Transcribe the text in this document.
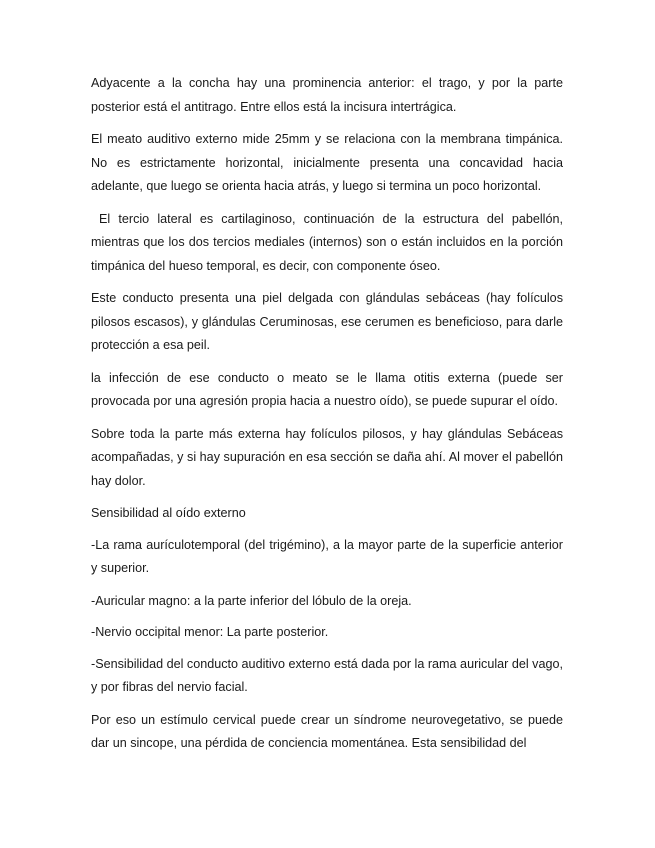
Adyacente a la concha hay una prominencia anterior: el trago, y por la parte posterior está el antitrago. Entre ellos está la incisura intertrágica.

El meato auditivo externo mide 25mm y se relaciona con la membrana timpánica. No es estrictamente horizontal, inicialmente presenta una concavidad hacia adelante, que luego se orienta hacia atrás, y luego si termina un poco horizontal.

El tercio lateral es cartilaginoso, continuación de la estructura del pabellón, mientras que los dos tercios mediales (internos) son o están incluidos en la porción timpánica del hueso temporal, es decir, con componente óseo.

Este conducto presenta una piel delgada con glándulas sebáceas (hay folículos pilosos escasos), y glándulas Ceruminosas, ese cerumen es beneficioso, para darle protección a esa peil.

la infección de ese conducto o meato se le llama otitis externa (puede ser provocada por una agresión propia hacia a nuestro oído), se puede supurar el oído.

Sobre toda la parte más externa hay folículos pilosos, y hay glándulas Sebáceas acompañadas, y si hay supuración en esa sección se daña ahí. Al mover el pabellón hay dolor.

Sensibilidad al oído externo

-La rama aurículotemporal (del trigémino), a la mayor parte de la superficie anterior y superior.

-Auricular magno: a la parte inferior del lóbulo de la oreja.

-Nervio occipital menor: La parte posterior.

-Sensibilidad del conducto auditivo externo está dada por la rama auricular del vago, y por fibras del nervio facial.

Por eso un estímulo cervical puede crear un síndrome neurovegetativo, se puede dar un sincope, una pérdida de conciencia momentánea. Esta sensibilidad del
